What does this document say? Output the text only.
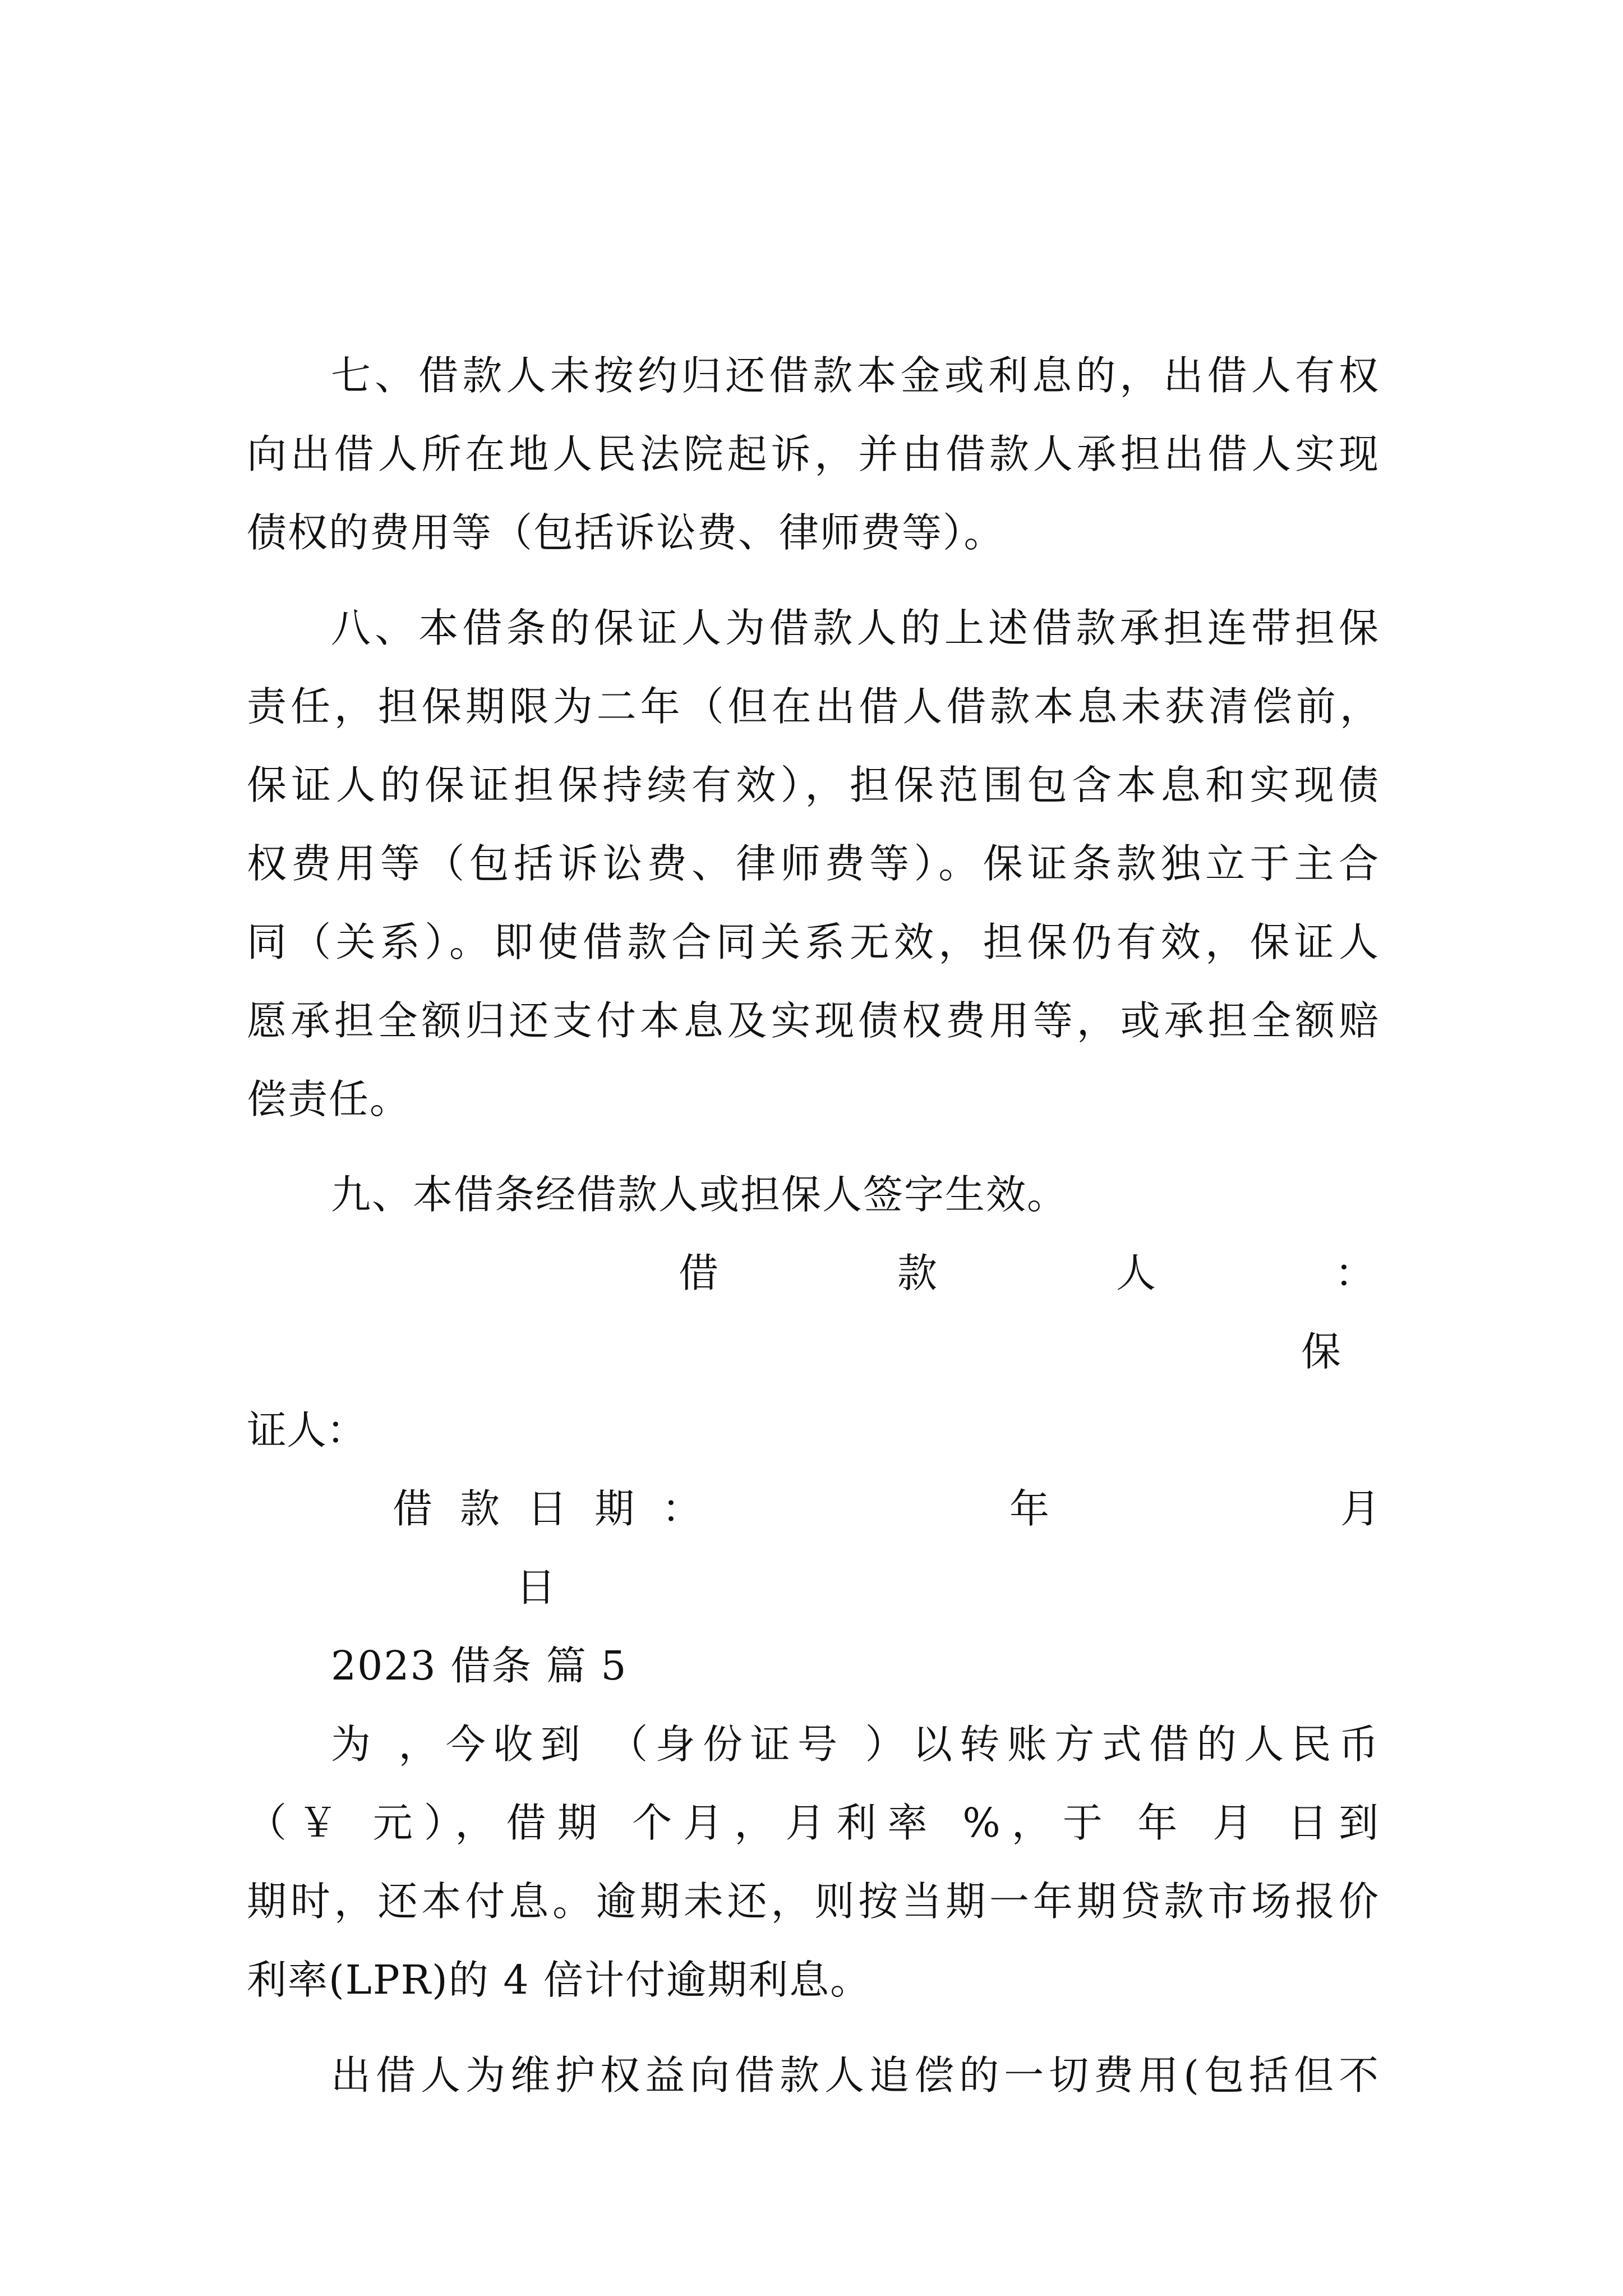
七、借款人未按约归还借款本金或利息的，出借人有权
向出借人所在地人民法院起诉，并由借款人承担出借人实现
债权的费用等（包括诉讼费、律师费等）。
八、本借条的保证人为借款人的上述借款承担连带担保
责任，担保期限为二年（但在出借人借款本息未获清偿前，
保证人的保证担保持续有效），担保范围包含本息和实现债
权费用等（包括诉讼费、律师费等）。保证条款独立于主合
同（关系）。即使借款合同关系无效，担保仍有效，保证人
愿承担全额归还支付本息及实现债权费用等，或承担全额赔
偿责任。
九、本借条经借款人或担保人签字生效。
借	款	人	：
保
证人：
借 款 日 期 ：	年	月
日
2023 借条 篇 5
为 ，今收到 （身份证号 ）以转账方式借的人民币
（￥ 元），借期 个月，月利率 %，于 年 月 日到
期时，还本付息。逾期未还，则按当期一年期贷款市场报价
利率(LPR)的 4 倍计付逾期利息。
出借人为维护权益向借款人追偿的一切费用(包括但不
